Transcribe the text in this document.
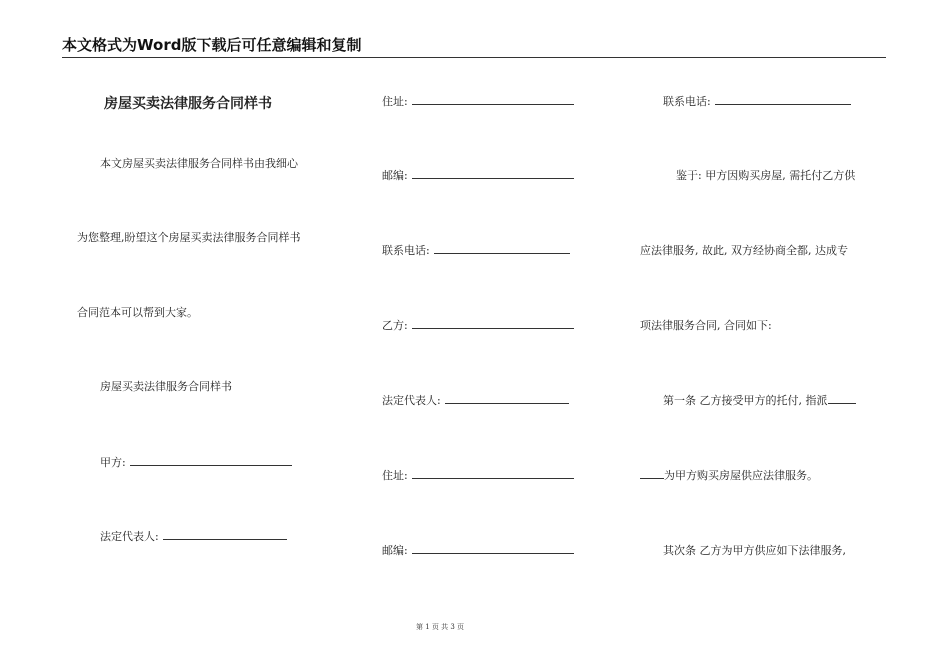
本文格式为Word版下载后可任意编辑和复制
房屋买卖法律服务合同样书
本文房屋买卖法律服务合同样书由我细心
为您整理,盼望这个房屋买卖法律服务合同样书
合同范本可以帮到大家。
房屋买卖法律服务合同样书
甲方:
法定代表人:
住址:
邮编:
联系电话:
乙方:
法定代表人:
住址:
邮编:
联系电话:
鉴于: 甲方因购买房屋, 需托付乙方供
应法律服务, 故此, 双方经协商全都, 达成专
项法律服务合同, 合同如下:
第一条 乙方接受甲方的托付, 指派
为甲方购买房屋供应法律服务。
其次条 乙方为甲方供应如下法律服务,
第 1 页 共 3 页
